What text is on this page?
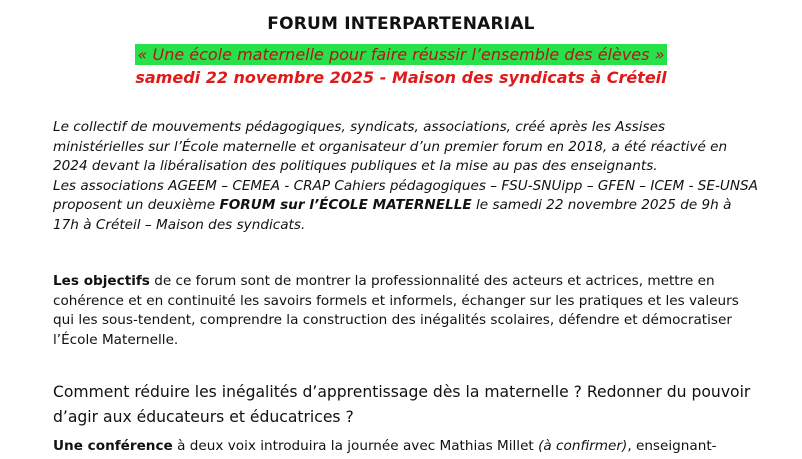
FORUM INTERPARTENARIAL
« Une école maternelle pour faire réussir l’ensemble des élèves »
samedi 22 novembre 2025 - Maison des syndicats à Créteil

Le collectif de mouvements pédagogiques, syndicats, associations, créé après les Assises ministérielles sur l’École maternelle et organisateur d’un premier forum en 2018, a été réactivé en 2024 devant la libéralisation des politiques publiques et la mise au pas des enseignants.

Les associations AGEEM – CEMEA - CRAP Cahiers pédagogiques – FSU-SNUipp – GFEN – ICEM - SE-UNSA proposent un deuxième FORUM sur l’ÉCOLE MATERNELLE le samedi 22 novembre 2025 de 9h à 17h à Créteil – Maison des syndicats.

Les objectifs de ce forum sont de montrer la professionnalité des acteurs et actrices, mettre en cohérence et en continuité les savoirs formels et informels, échanger sur les pratiques et les valeurs qui les sous-tendent, comprendre la construction des inégalités scolaires, défendre et démocratiser l’École Maternelle.
Comment réduire les inégalités d’apprentissage dès la maternelle ? Redonner du pouvoir d’agir aux éducateurs et éducatrices ?
Une conférence à deux voix introduira la journée avec Mathias Millet (à confirmer), enseignant-
